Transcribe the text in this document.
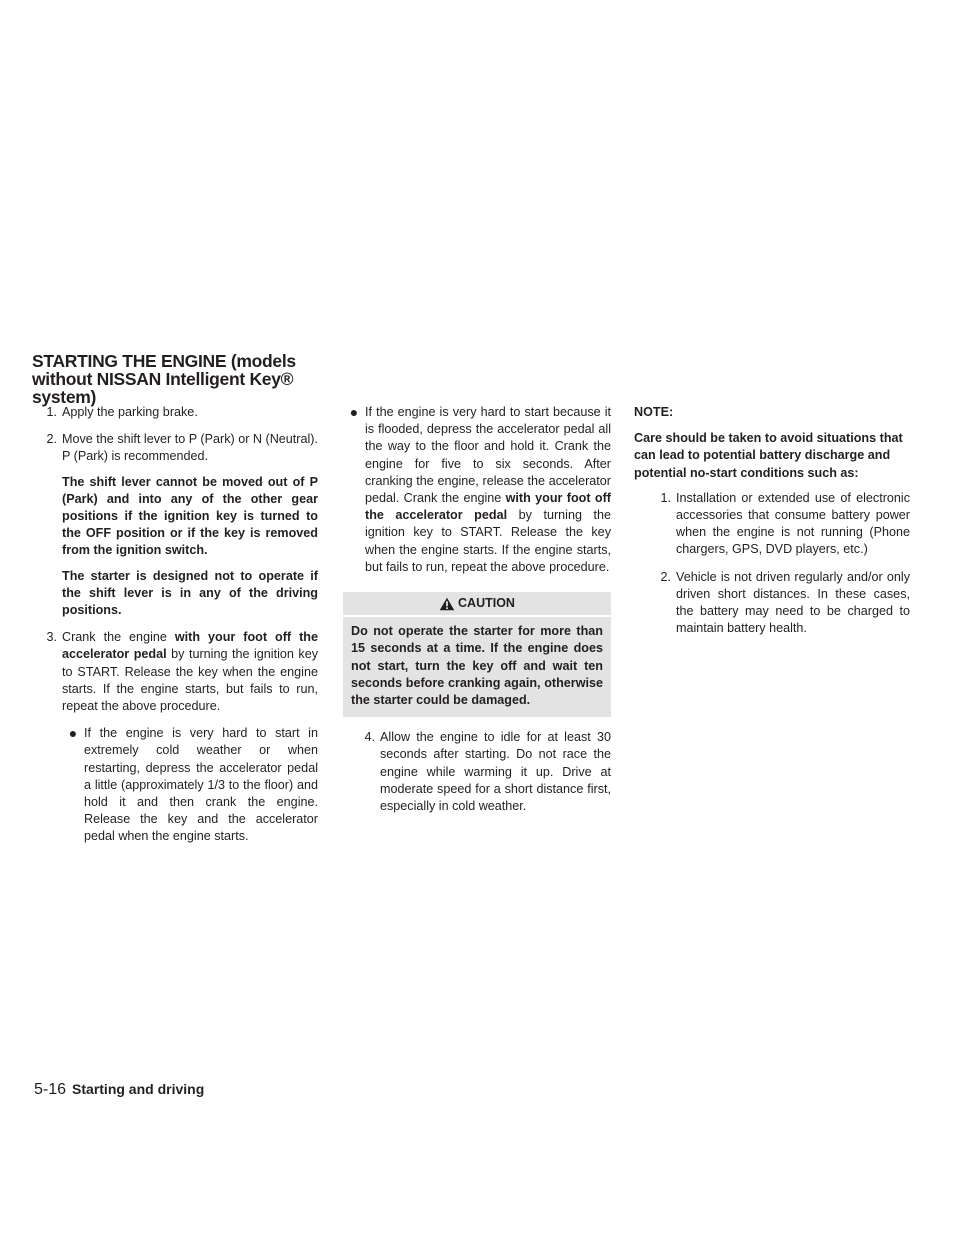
STARTING THE ENGINE (models without NISSAN Intelligent Key® system)
1. Apply the parking brake.

2. Move the shift lever to P (Park) or N (Neutral). P (Park) is recommended.

The shift lever cannot be moved out of P (Park) and into any of the other gear positions if the ignition key is turned to the OFF position or if the key is removed from the ignition switch.

The starter is designed not to operate if the shift lever is in any of the driving positions.

3. Crank the engine with your foot off the accelerator pedal by turning the ignition key to START. Release the key when the engine starts. If the engine starts, but fails to run, repeat the above procedure.

● If the engine is very hard to start in extremely cold weather or when restarting, depress the accelerator pedal a little (approximately 1/3 to the floor) and hold it and then crank the engine. Release the key and the accelerator pedal when the engine starts.

● If the engine is very hard to start because it is flooded, depress the accelerator pedal all the way to the floor and hold it. Crank the engine for five to six seconds. After cranking the engine, release the accelerator pedal. Crank the engine with your foot off the accelerator pedal by turning the ignition key to START. Release the key when the engine starts. If the engine starts, but fails to run, repeat the above procedure.

CAUTION

Do not operate the starter for more than 15 seconds at a time. If the engine does not start, turn the key off and wait ten seconds before cranking again, otherwise the starter could be damaged.

4. Allow the engine to idle for at least 30 seconds after starting. Do not race the engine while warming it up. Drive at moderate speed for a short distance first, especially in cold weather.

NOTE:

Care should be taken to avoid situations that can lead to potential battery discharge and potential no-start conditions such as:

1. Installation or extended use of electronic accessories that consume battery power when the engine is not running (Phone chargers, GPS, DVD players, etc.)

2. Vehicle is not driven regularly and/or only driven short distances. In these cases, the battery may need to be charged to maintain battery health.

5-16 Starting and driving
